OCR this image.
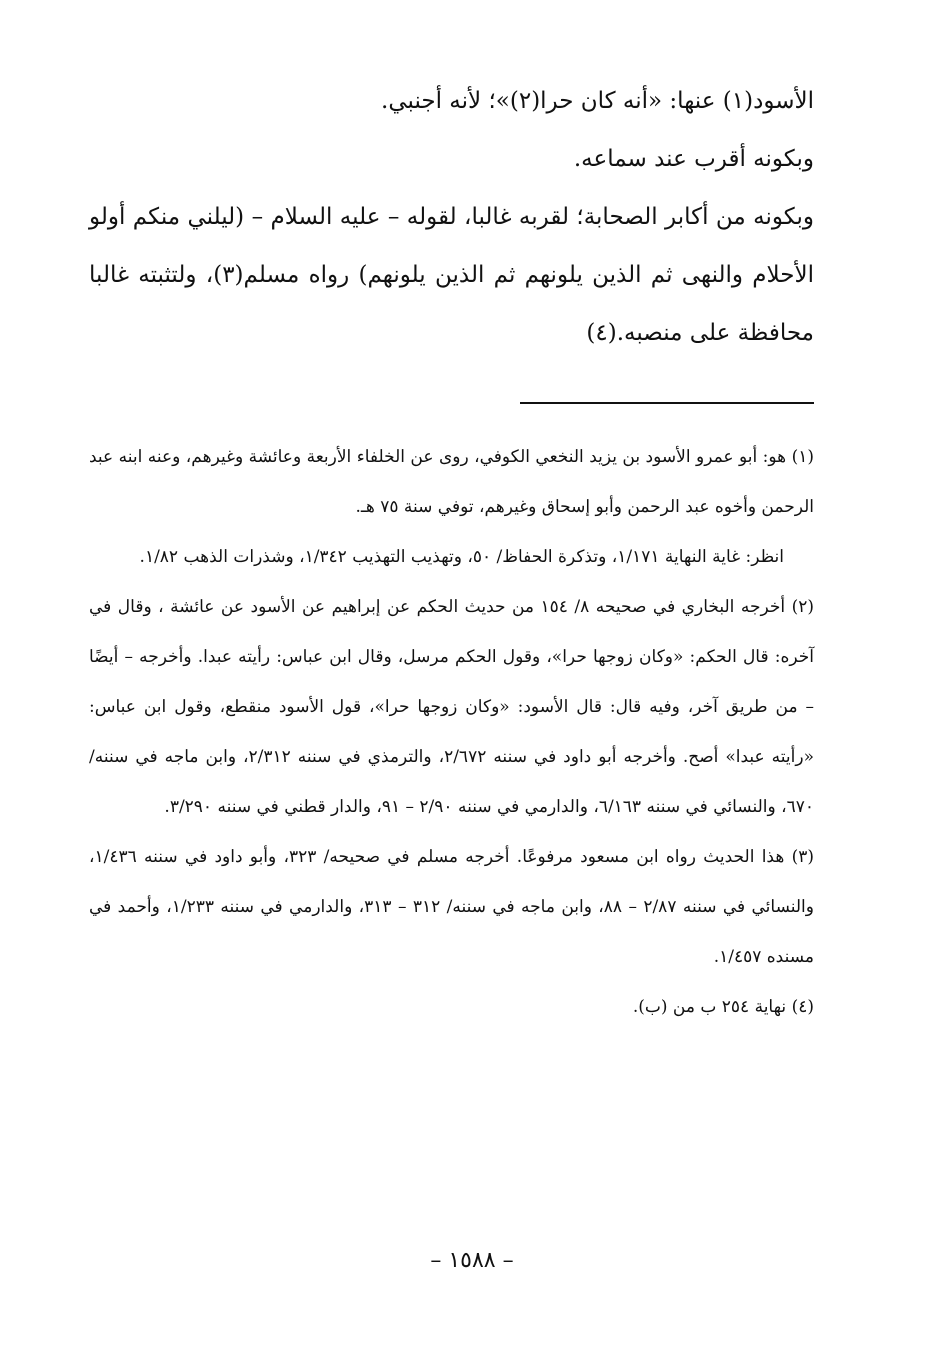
الأسود(١) عنها: «أنه كان حرا(٢)»؛ لأنه أجنبي.

وبكونه أقرب عند سماعه.

وبكونه من أكابر الصحابة؛ لقربه غالبا، لقوله – عليه السلام – (ليلني منكم أولو الأحلام والنهى ثم الذين يلونهم ثم الذين يلونهم) رواه مسلم(٣)، ولتثبته غالبا محافظة على منصبه.(٤)

(١) هو: أبو عمرو الأسود بن يزيد النخعي الكوفي، روى عن الخلفاء الأربعة وعائشة وغيرهم، وعنه ابنه عبد الرحمن وأخوه عبد الرحمن وأبو إسحاق وغيرهم، توفي سنة ٧٥ هـ.

انظر: غاية النهاية ١/١٧١، وتذكرة الحفاظ/ ٥٠، وتهذيب التهذيب ١/٣٤٢، وشذرات الذهب ١/٨٢.

(٢) أخرجه البخاري في صحيحه ٨/ ١٥٤ من حديث الحكم عن إبراهيم عن الأسود عن عائشة ، وقال في آخره: قال الحكم: «وكان زوجها حرا»، وقول الحكم مرسل، وقال ابن عباس: رأيته عبدا. وأخرجه – أيضًا – من طريق آخر، وفيه قال: قال الأسود: «وكان زوجها حرا»، قول الأسود منقطع، وقول ابن عباس: «رأيته عبدا» أصح. وأخرجه أبو داود في سننه ٢/٦٧٢، والترمذي في سننه ٢/٣١٢، وابن ماجه في سننه/ ٦٧٠، والنسائي في سننه ٦/١٦٣، والدارمي في سننه ٢/٩٠ – ٩١، والدار قطني في سننه ٣/٢٩٠.

(٣) هذا الحديث رواه ابن مسعود مرفوعًا. أخرجه مسلم في صحيحه/ ٣٢٣، وأبو داود في سننه ١/٤٣٦، والنسائي في سننه ٢/٨٧ – ٨٨، وابن ماجه في سننه/ ٣١٢ – ٣١٣، والدارمي في سننه ١/٢٣٣، وأحمد في مسنده ١/٤٥٧.

(٤) نهاية ٢٥٤ ب من (ب).

– ١٥٨٨ –
